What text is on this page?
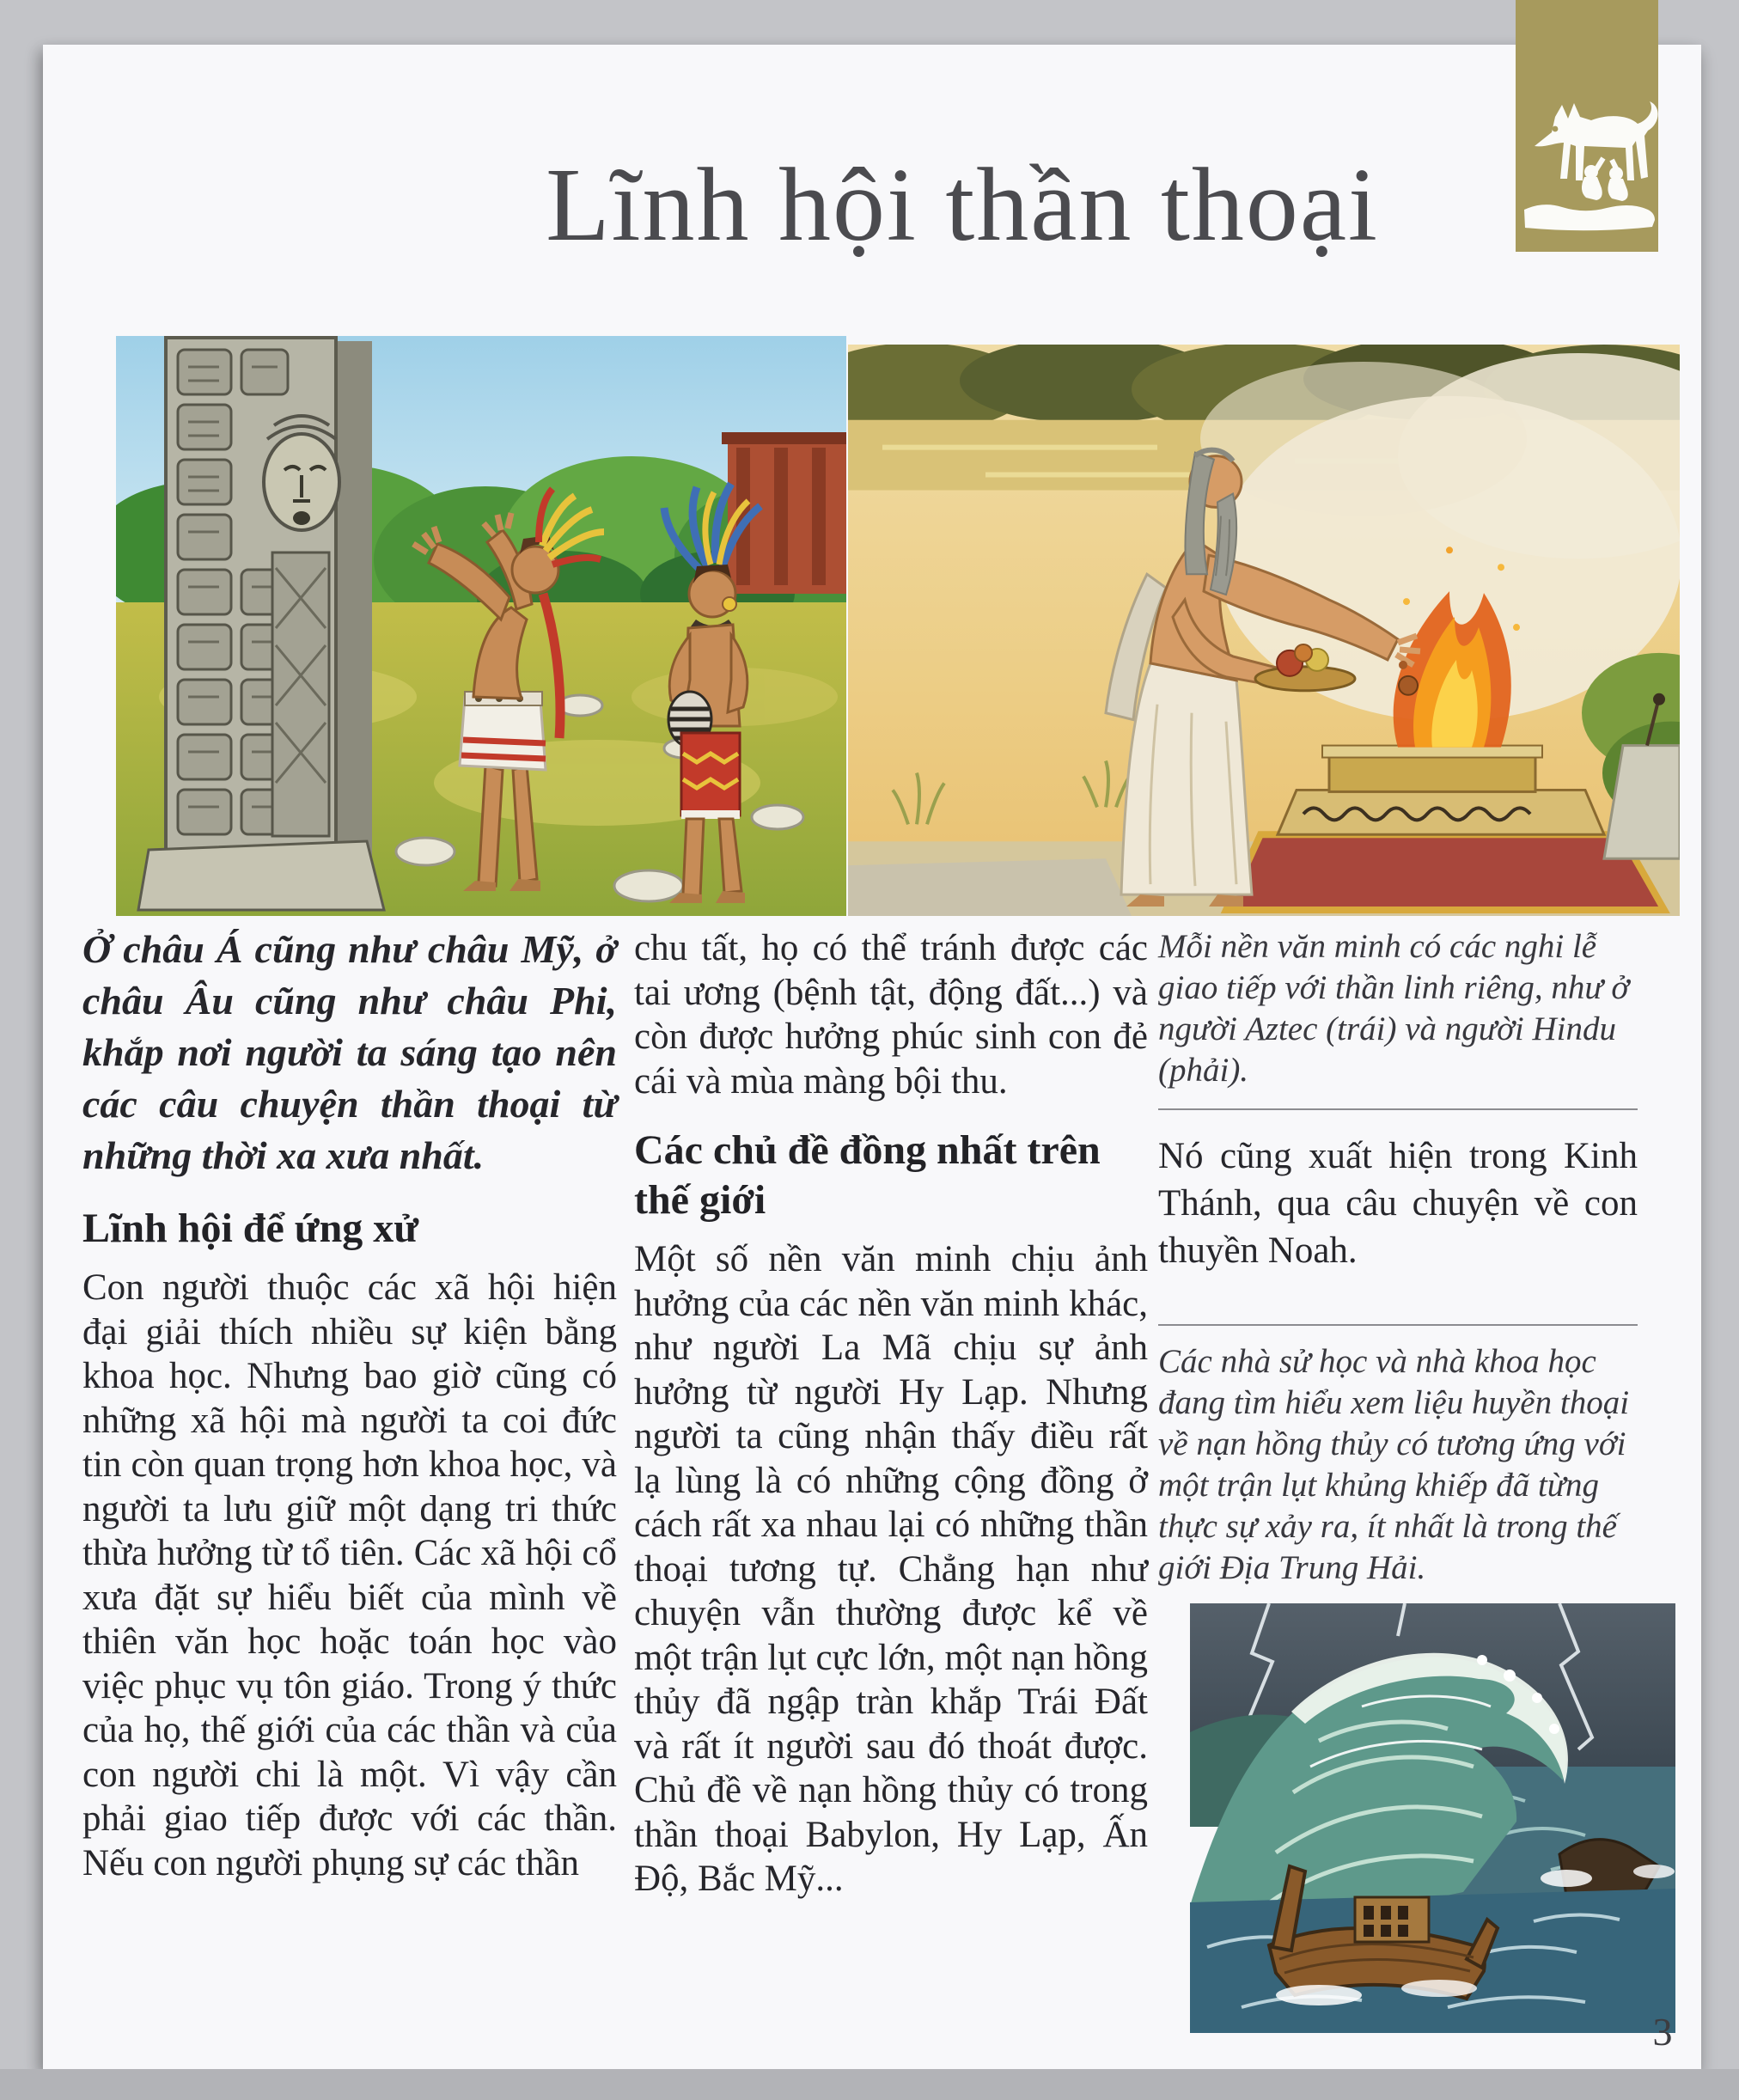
Lĩnh hội thần thoại

Ở châu Á cũng như châu Mỹ, ở châu Âu cũng như châu Phi, khắp nơi người ta sáng tạo nên các câu chuyện thần thoại từ những thời xa xưa nhất.

Lĩnh hội để ứng xử

Con người thuộc các xã hội hiện đại giải thích nhiều sự kiện bằng khoa học. Nhưng bao giờ cũng có những xã hội mà người ta coi đức tin còn quan trọng hơn khoa học, và người ta lưu giữ một dạng tri thức thừa hưởng từ tổ tiên. Các xã hội cổ xưa đặt sự hiểu biết của mình về thiên văn học hoặc toán học vào việc phục vụ tôn giáo. Trong ý thức của họ, thế giới của các thần và của con người chi là một. Vì vậy cần phải giao tiếp được với các thần. Nếu con người phụng sự các thần

chu tất, họ có thể tránh được các tai ương (bệnh tật, động đất...) và còn được hưởng phúc sinh con đẻ cái và mùa màng bội thu.

Các chủ đề đồng nhất trên thế giới

Một số nền văn minh chịu ảnh hưởng của các nền văn minh khác, như người La Mã chịu sự ảnh hưởng từ người Hy Lạp. Nhưng người ta cũng nhận thấy điều rất lạ lùng là có những cộng đồng ở cách rất xa nhau lại có những thần thoại tương tự. Chẳng hạn như chuyện vẫn thường được kể về một trận lụt cực lớn, một nạn hồng thủy đã ngập tràn khắp Trái Đất và rất ít người sau đó thoát được. Chủ đề về nạn hồng thủy có trong thần thoại Babylon, Hy Lạp, Ấn Độ, Bắc Mỹ...

Mỗi nền văn minh có các nghi lễ giao tiếp với thần linh riêng, như ở người Aztec (trái) và người Hindu (phải).

Nó cũng xuất hiện trong Kinh Thánh, qua câu chuyện về con thuyền Noah.

Các nhà sử học và nhà khoa học đang tìm hiểu xem liệu huyền thoại về nạn hồng thủy có tương ứng với một trận lụt khủng khiếp đã từng thực sự xảy ra, ít nhất là trong thế giới Địa Trung Hải.

3
